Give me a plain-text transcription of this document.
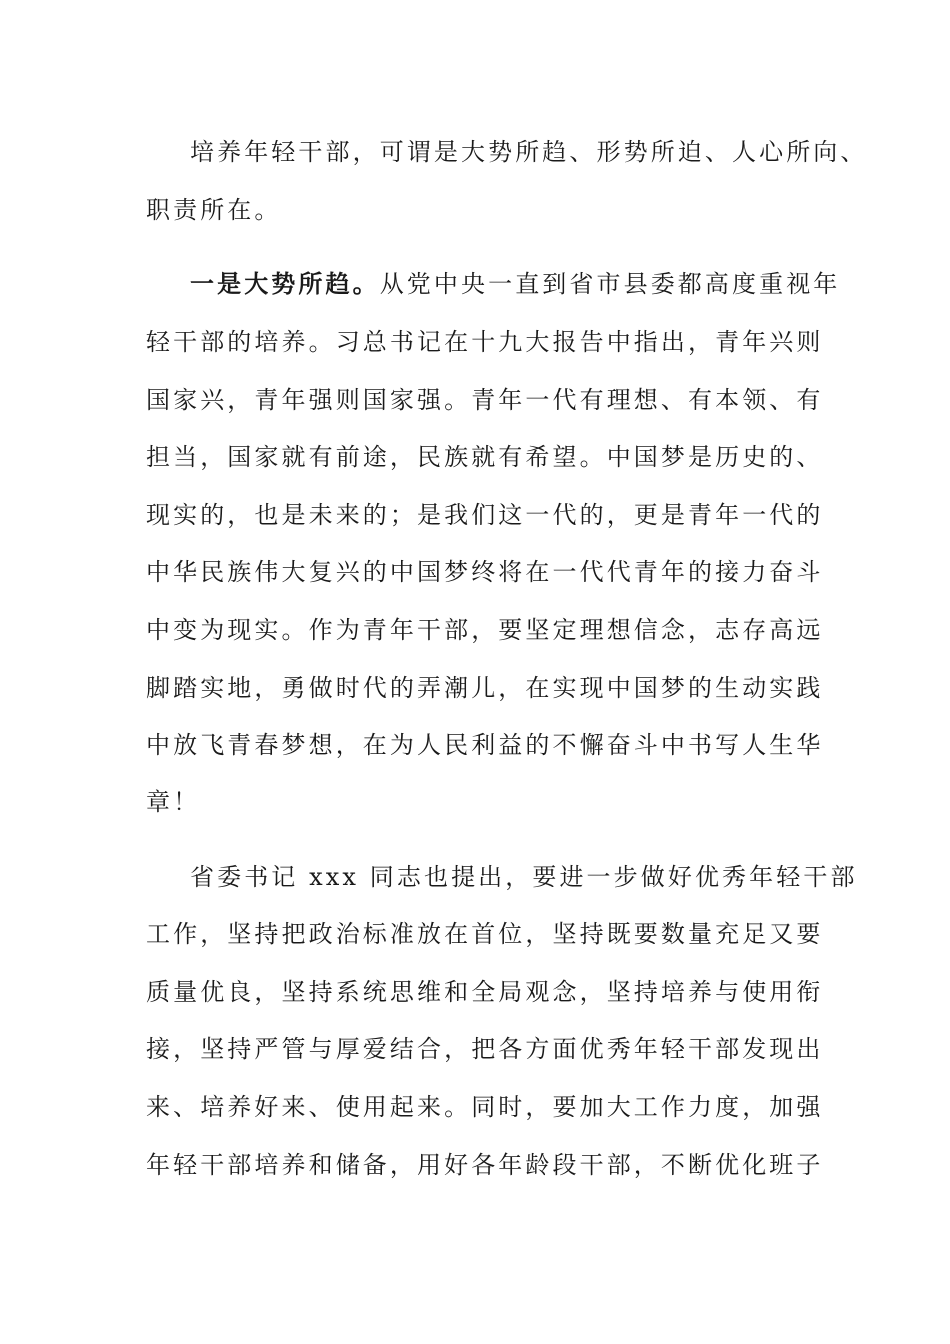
培养年轻干部，可谓是大势所趋、形势所迫、人心所向、
职责所在。
一是大势所趋。从党中央一直到省市县委都高度重视年
轻干部的培养。习总书记在十九大报告中指出，青年兴则
国家兴，青年强则国家强。青年一代有理想、有本领、有
担当，国家就有前途，民族就有希望。中国梦是历史的、
现实的，也是未来的；是我们这一代的，更是青年一代的
中华民族伟大复兴的中国梦终将在一代代青年的接力奋斗
中变为现实。作为青年干部，要坚定理想信念，志存高远
脚踏实地，勇做时代的弄潮儿，在实现中国梦的生动实践
中放飞青春梦想，在为人民利益的不懈奋斗中书写人生华
章！
省委书记 xxx 同志也提出，要进一步做好优秀年轻干部
工作，坚持把政治标准放在首位，坚持既要数量充足又要
质量优良，坚持系统思维和全局观念，坚持培养与使用衔
接，坚持严管与厚爱结合，把各方面优秀年轻干部发现出
来、培养好来、使用起来。同时，要加大工作力度，加强
年轻干部培养和储备，用好各年龄段干部，不断优化班子
